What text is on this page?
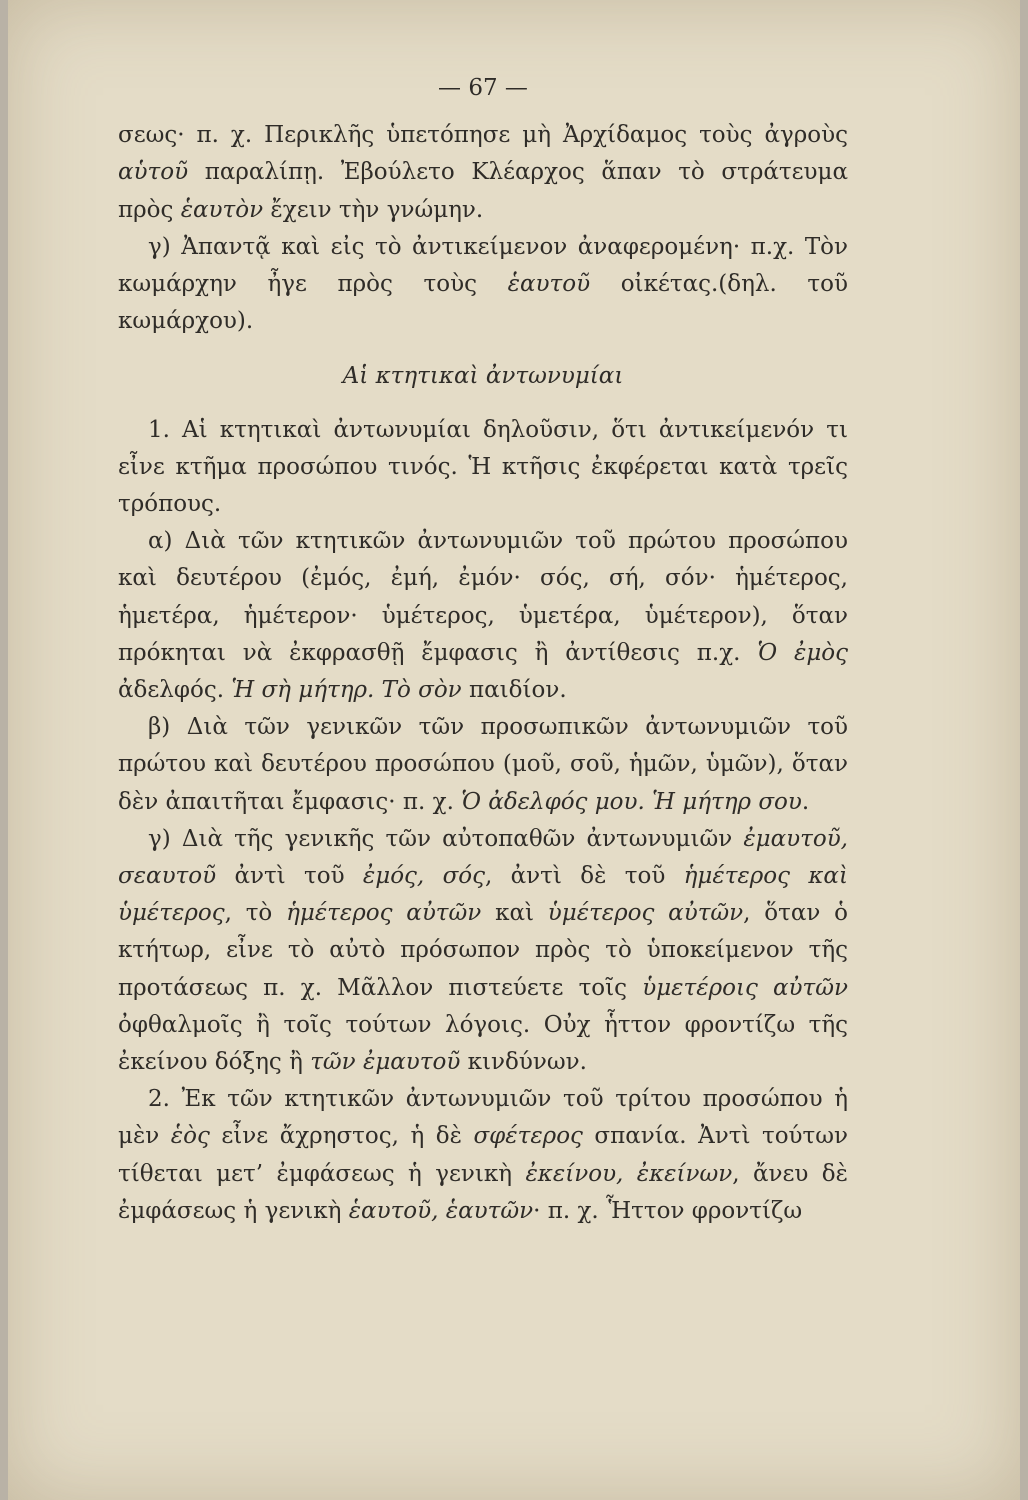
— 67 —

σεως· π. χ. Περικλῆς ὑπετόπησε μὴ Ἀρχίδαμος τοὺς ἀγροὺς αὑτοῦ παραλίπῃ. Ἐβούλετο Κλέαρχος ἅπαν τὸ στράτευμα πρὸς ἑαυτὸν ἔχειν τὴν γνώμην.

γ) Ἀπαντᾷ καὶ εἰς τὸ ἀντικείμενον ἀναφερομένη· π.χ. Τὸν κωμάρχην ἦγε πρὸς τοὺς ἑαυτοῦ οἰκέτας.(δηλ. τοῦ κωμάρχου).

Αἱ κτητικαὶ ἀντωνυμίαι

1. Αἱ κτητικαὶ ἀντωνυμίαι δηλοῦσιν, ὅτι ἀντικείμενόν τι εἶνε κτῆμα προσώπου τινός. Ἡ κτῆσις ἐκφέρεται κατὰ τρεῖς τρόπους.

α) Διὰ τῶν κτητικῶν ἀντωνυμιῶν τοῦ πρώτου προσώπου καὶ δευτέρου (ἐμός, ἐμή, ἐμόν· σός, σή, σόν· ἡμέτερος, ἡμετέρα, ἡμέτερον· ὑμέτερος, ὑμετέρα, ὑμέτερον), ὅταν πρόκηται νὰ ἐκφρασθῇ ἔμφασις ἢ ἀντίθεσις π.χ. Ὁ ἐμὸς ἀδελφός. Ἡ σὴ μήτηρ. Τὸ σὸν παιδίον.

β) Διὰ τῶν γενικῶν τῶν προσωπικῶν ἀντωνυμιῶν τοῦ πρώτου καὶ δευτέρου προσώπου (μοῦ, σοῦ, ἡμῶν, ὑμῶν), ὅταν δὲν ἀπαιτῆται ἔμφασις· π. χ. Ὁ ἀδελφός μου. Ἡ μήτηρ σου.

γ) Διὰ τῆς γενικῆς τῶν αὐτοπαθῶν ἀντωνυμιῶν ἐμαυτοῦ, σεαυτοῦ ἀντὶ τοῦ ἐμός, σός, ἀντὶ δὲ τοῦ ἡμέτερος καὶ ὑμέτερος, τὸ ἡμέτερος αὐτῶν καὶ ὑμέτερος αὐτῶν, ὅταν ὁ κτήτωρ, εἶνε τὸ αὐτὸ πρόσωπον πρὸς τὸ ὑποκείμενον τῆς προτάσεως π. χ. Μᾶλλον πιστεύετε τοῖς ὑμετέροις αὐτῶν ὀφθαλμοῖς ἢ τοῖς τούτων λόγοις. Οὐχ ἧττον φροντίζω τῆς ἐκείνου δόξης ἢ τῶν ἐμαυτοῦ κινδύνων.

2. Ἐκ τῶν κτητικῶν ἀντωνυμιῶν τοῦ τρίτου προσώπου ἡ μὲν ἑὸς εἶνε ἄχρηστος, ἡ δὲ σφέτερος σπανία. Ἀντὶ τούτων τίθεται μετ’ ἐμφάσεως ἡ γενικὴ ἐκείνου, ἐκείνων, ἄνευ δὲ ἐμφάσεως ἡ γενικὴ ἑαυτοῦ, ἑαυτῶν· π. χ. Ἧττον φροντίζω
